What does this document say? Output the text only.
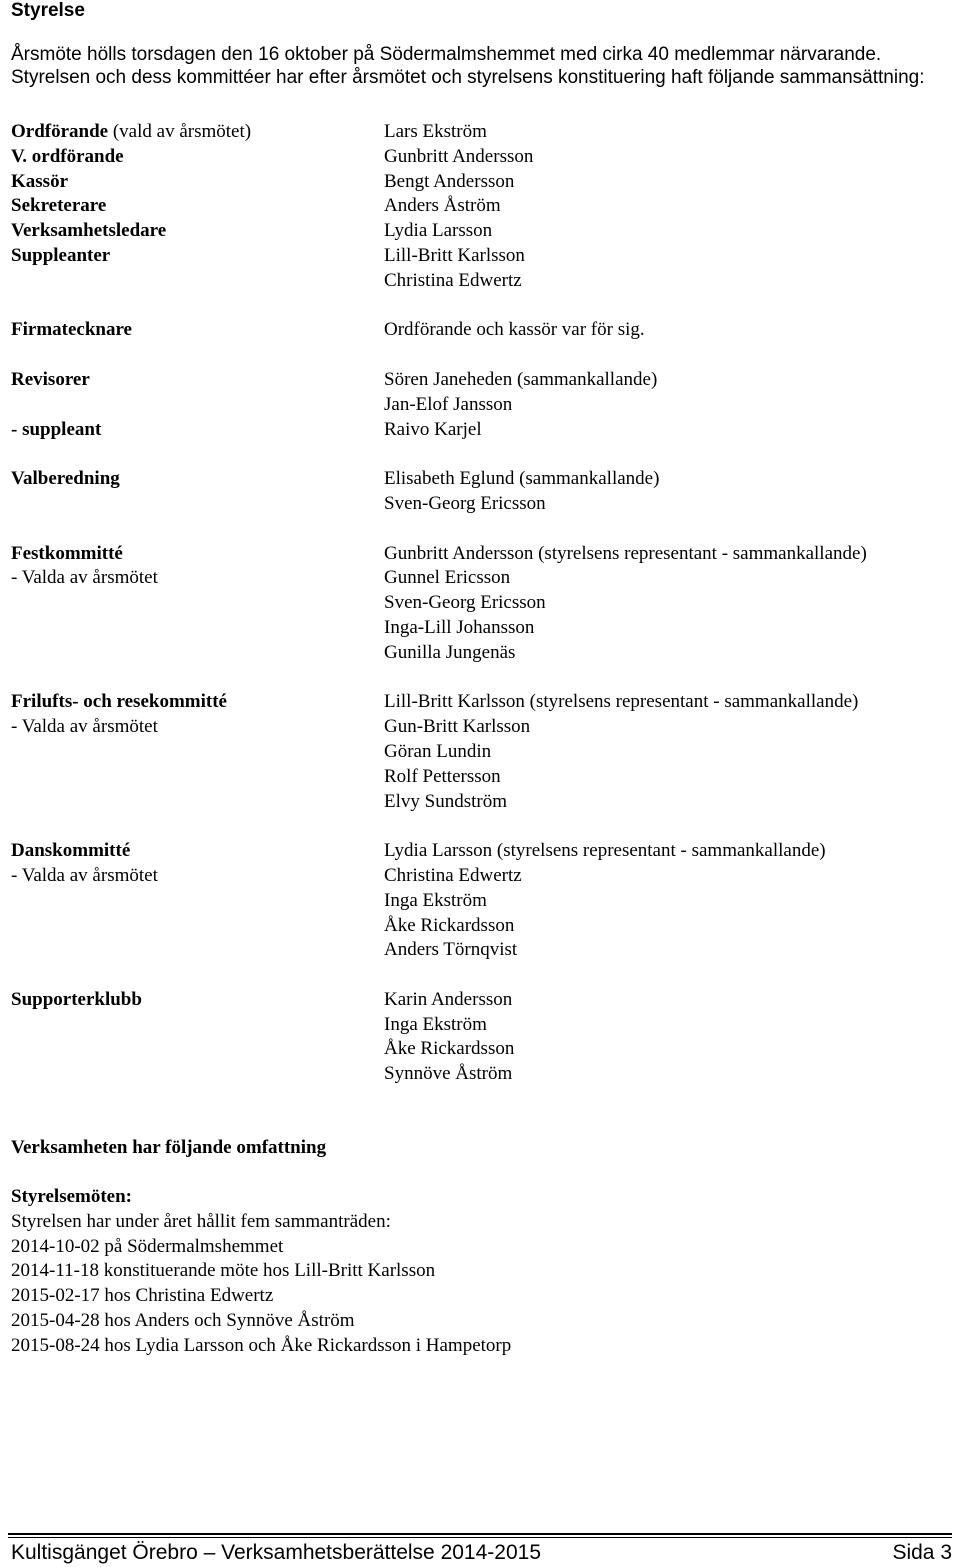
Styrelse
Årsmöte hölls torsdagen den 16 oktober på Södermalmshemmet med cirka 40 medlemmar närvarande.
Styrelsen och dess kommittéer har efter årsmötet och styrelsens konstituering haft följande sammansättning:
Ordförande (vald av årsmötet)	Lars Ekström
V. ordförande	Gunbritt Andersson
Kassör	Bengt Andersson
Sekreterare	Anders Åström
Verksamhetsledare	Lydia Larsson
Suppleanter	Lill-Britt Karlsson
Christina Edwertz
Firmatecknare	Ordförande och kassör var för sig.
Revisorer	Sören Janeheden (sammankallande)
Jan-Elof Jansson
- suppleant	Raivo Karjel
Valberedning	Elisabeth Eglund (sammankallande)
Sven-Georg Ericsson
Festkommitté	Gunbritt Andersson (styrelsens representant - sammankallande)
- Valda av årsmötet	Gunnel Ericsson
Sven-Georg Ericsson
Inga-Lill Johansson
Gunilla Jungenäs
Frilufts- och resekommitté	Lill-Britt Karlsson (styrelsens representant - sammankallande)
- Valda av årsmötet	Gun-Britt Karlsson
Göran Lundin
Rolf Pettersson
Elvy Sundström
Danskommitté	Lydia Larsson (styrelsens representant - sammankallande)
- Valda av årsmötet	Christina Edwertz
Inga Ekström
Åke Rickardsson
Anders Törnqvist
Supporterklubb	Karin Andersson
Inga Ekström
Åke Rickardsson
Synnöve Åström
Verksamheten har följande omfattning
Styrelsemöten:
Styrelsen har under året hållit fem sammanträden:
2014-10-02 på Södermalmshemmet
2014-11-18 konstituerande möte hos Lill-Britt Karlsson
2015-02-17 hos Christina Edwertz
2015-04-28 hos Anders och Synnöve Åström
2015-08-24 hos Lydia Larsson och Åke Rickardsson i Hampetorp
Kultisgänget Örebro – Verksamhetsberättelse 2014-2015	Sida 3
